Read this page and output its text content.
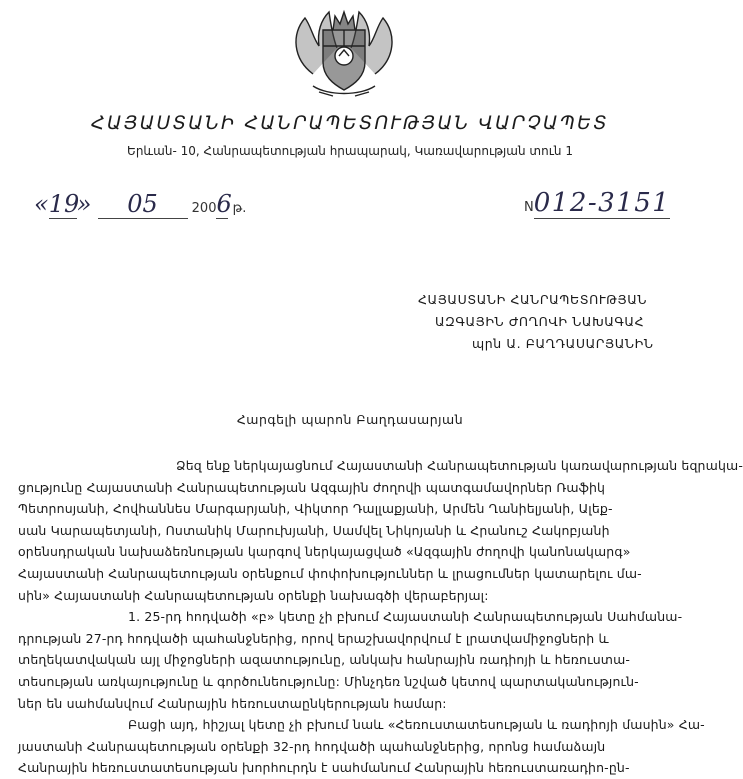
ՀԱՅԱՍՏԱՆԻ ՀԱՆՐԱՊԵՏՈՒԹՅԱՆ ՎԱՐՉԱՊԵՏ
Երևան- 10, Հանրապետության հրապարակ, Կառավարության տուն 1
«19» 05	2006 թ.	N012-3151
ՀԱՅԱՍՏԱՆԻ ՀԱՆՐԱՊԵՏՈՒԹՅԱՆ
ԱԶԳԱՅԻՆ ԺՈՂՈՎԻ ՆԱԽԱԳԱՀ
պրն Ա. ԲԱՂԴԱՍԱՐՅԱՆԻՆ
Հարգելի պարոն Բաղդասարյան
Ձեզ ենք ներկայացնում Հայաստանի Հանրապետության կառավարության եզրակա-
ցությունը Հայաստանի Հանրապետության Ազգային ժողովի պատգամավորներ Ռաֆիկ
Պետրոսյանի, Հովհաննես Մարգարյանի, Վիկտոր Դալլաքյանի, Արմեն Ղանիելյանի, Ալեք-
սան Կարապետյանի, Ոստանիկ Մարուխյանի, Սամվել Նիկոյանի և Հրանուշ Հակոբյանի
օրենսդրական նախաձեռնության կարգով ներկայացված «Ազգային ժողովի կանոնակարգ»
Հայաստանի Հանրապետության օրենքում փոփոխություններ և լրացումներ կատարելու մա-
սին» Հայաստանի Հանրապետության օրենքի նախագծի վերաբերյալ:
1. 25-րդ հոդվածի «բ» կետը չի բխում Հայաստանի Հանրապետության Սահմանա-
դրության 27-րդ հոդվածի պահանջներից, որով երաշխավորվում է լրատվամիջոցների և
տեղեկատվական այլ միջոցների ազատությունը, անկախ հանրային ռադիոյի և հեռուստա-
տեսության առկայությունը և գործունեությունը: Մինչդեռ նշված կետով պարտականություն-
ներ են սահմանվում Հանրային հեռուստաընկերության համար:
Բացի այդ, հիշյալ կետը չի բխում նաև «Հեռուստատեսության և ռադիոյի մասին» Հա-
յաստանի Հանրապետության օրենքի 32-րդ հոդվածի պահանջներից, որոնց համաձայն
Հանրային հեռուստատեսության խորհուրդն է սահմանում Հանրային հեռուստառադիո-ըն-
